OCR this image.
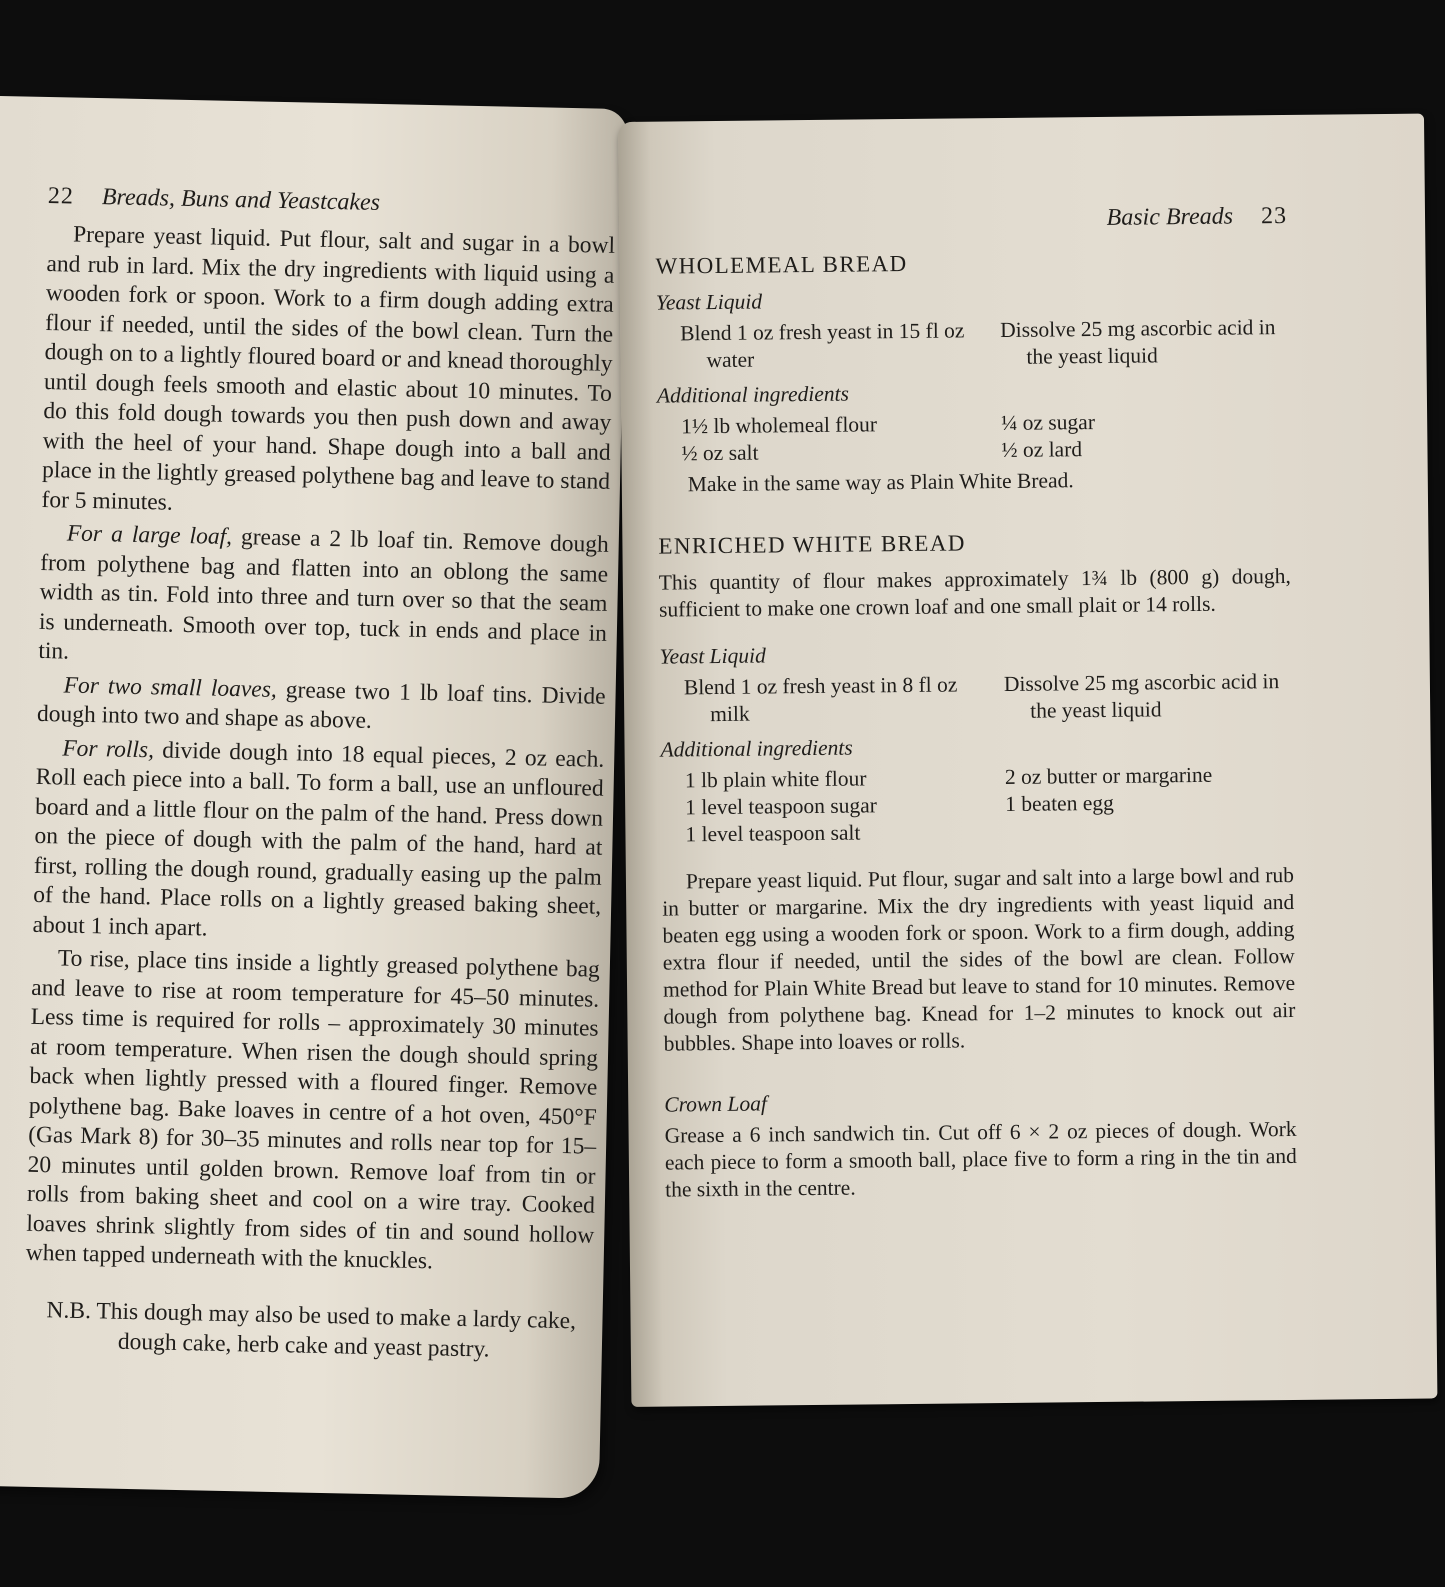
22 Breads, Buns and Yeastcakes

Prepare yeast liquid. Put flour, salt and sugar in a bowl and rub in lard. Mix the dry ingredients with liquid using a wooden fork or spoon. Work to a firm dough adding extra flour if needed, until the sides of the bowl clean. Turn the dough on to a lightly floured board or and knead thoroughly until dough feels smooth and elastic about 10 minutes. To do this fold dough towards you then push down and away with the heel of your hand. Shape dough into a ball and place in the lightly greased polythene bag and leave to stand for 5 minutes.

For a large loaf, grease a 2 lb loaf tin. Remove dough from polythene bag and flatten into an oblong the same width as tin. Fold into three and turn over so that the seam is underneath. Smooth over top, tuck in ends and place in tin.

For two small loaves, grease two 1 lb loaf tins. Divide dough into two and shape as above.

For rolls, divide dough into 18 equal pieces, 2 oz each. Roll each piece into a ball. To form a ball, use an unfloured board and a little flour on the palm of the hand. Press down on the piece of dough with the palm of the hand, hard at first, rolling the dough round, gradually easing up the palm of the hand. Place rolls on a lightly greased baking sheet, about 1 inch apart.

To rise, place tins inside a lightly greased polythene bag and leave to rise at room temperature for 45–50 minutes. Less time is required for rolls – approximately 30 minutes at room temperature. When risen the dough should spring back when lightly pressed with a floured finger. Remove polythene bag. Bake loaves in centre of a hot oven, 450°F (Gas Mark 8) for 30–35 minutes and rolls near top for 15–20 minutes until golden brown. Remove loaf from tin or rolls from baking sheet and cool on a wire tray. Cooked loaves shrink slightly from sides of tin and sound hollow when tapped underneath with the knuckles.

N.B. This dough may also be used to make a lardy cake,
dough cake, herb cake and yeast pastry.

Basic Breads 23
WHOLEMEAL BREAD
Yeast Liquid
Blend 1 oz fresh yeast in 15 fl oz water
Dissolve 25 mg ascorbic acid in the yeast liquid
Additional ingredients
1½ lb wholemeal flour
½ oz salt
¼ oz sugar
½ oz lard
Make in the same way as Plain White Bread.
ENRICHED WHITE BREAD

This quantity of flour makes approximately 1¾ lb (800 g) dough, sufficient to make one crown loaf and one small plait or 14 rolls.

Yeast Liquid
Blend 1 oz fresh yeast in 8 fl oz milk
Dissolve 25 mg ascorbic acid in the yeast liquid
Additional ingredients
1 lb plain white flour
1 level teaspoon sugar
1 level teaspoon salt
2 oz butter or margarine
1 beaten egg

Prepare yeast liquid. Put flour, sugar and salt into a large bowl and rub in butter or margarine. Mix the dry ingredients with yeast liquid and beaten egg using a wooden fork or spoon. Work to a firm dough, adding extra flour if needed, until the sides of the bowl are clean. Follow method for Plain White Bread but leave to stand for 10 minutes. Remove dough from polythene bag. Knead for 1–2 minutes to knock out air bubbles. Shape into loaves or rolls.

Crown Loaf

Grease a 6 inch sandwich tin. Cut off 6 × 2 oz pieces of dough. Work each piece to form a smooth ball, place five to form a ring in the tin and the sixth in the centre.
